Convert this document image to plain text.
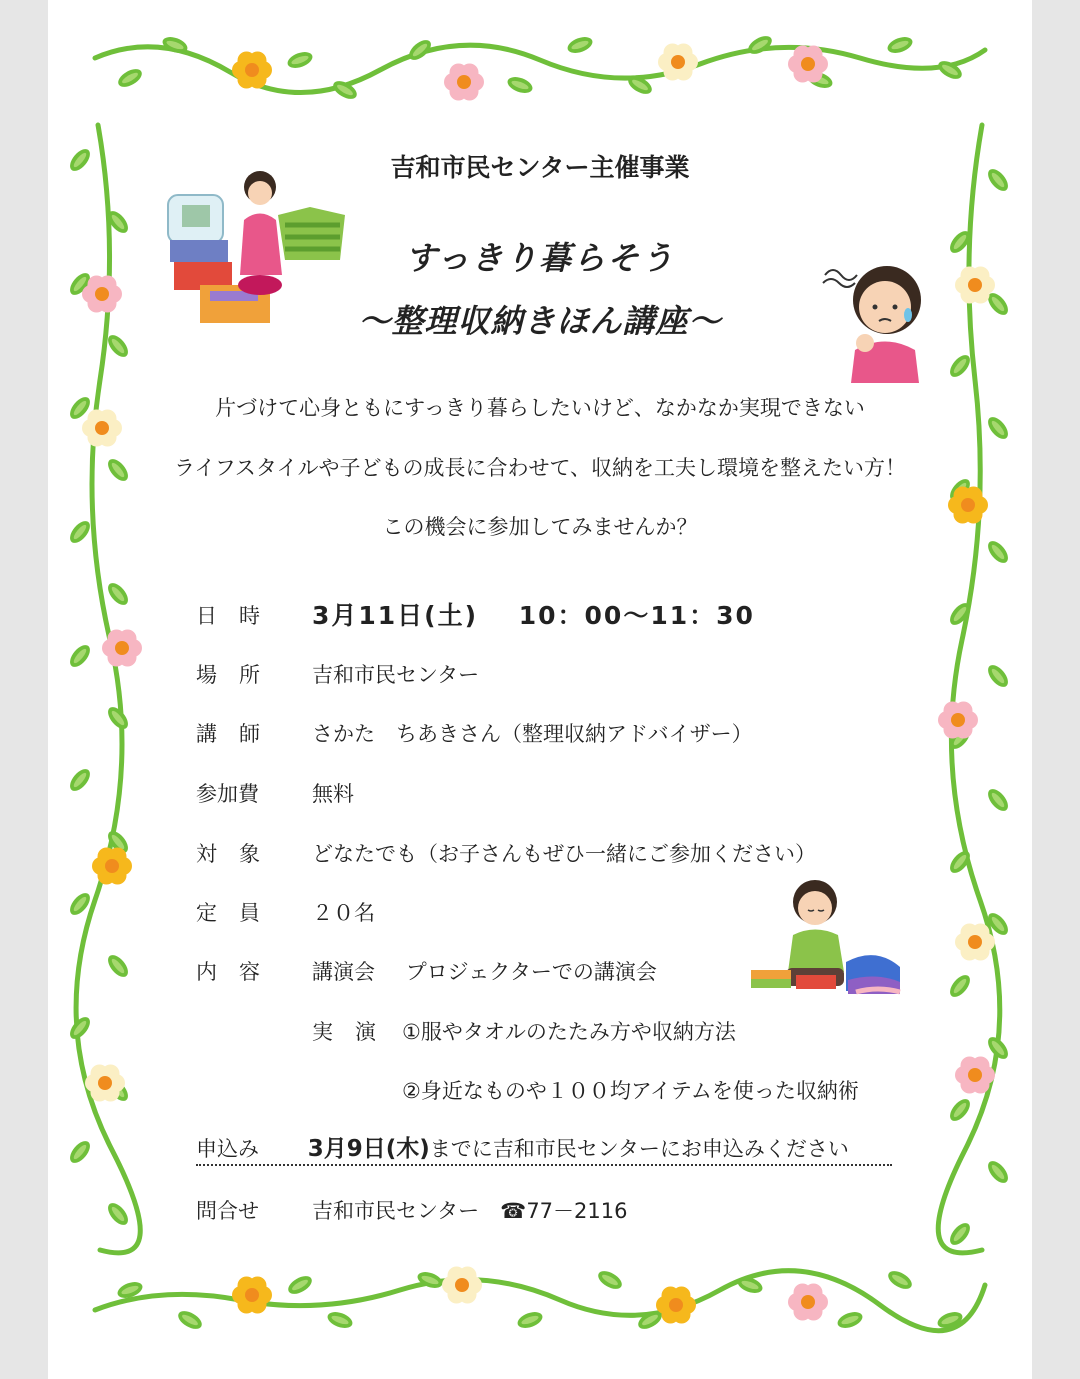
吉和市民センター主催事業
すっきり暮らそう
～整理収納きほん講座～
片づけて心身ともにすっきり暮らしたいけど、なかなか実現できない
ライフスタイルや子どもの成長に合わせて、収納を工夫し環境を整えたい方！
この機会に参加してみませんか？
日時 3月11日(土) 10：00～11：30
場所 吉和市民センター
講師 さかた　ちあきさん（整理収納アドバイザー）
参加費	無料
対象 どなたでも（お子さんもぜひ一緒にご参加ください）
定員 ２０名
内容 講演会 プロジェクターでの講演会
実演 ①服やタオルのたたみ方や収納方法
②身近なものや１００均アイテムを使った収納術
申込み 3月9日(木)までに吉和市民センターにお申込みください
問合せ	吉和市民センター　☎77－2116
